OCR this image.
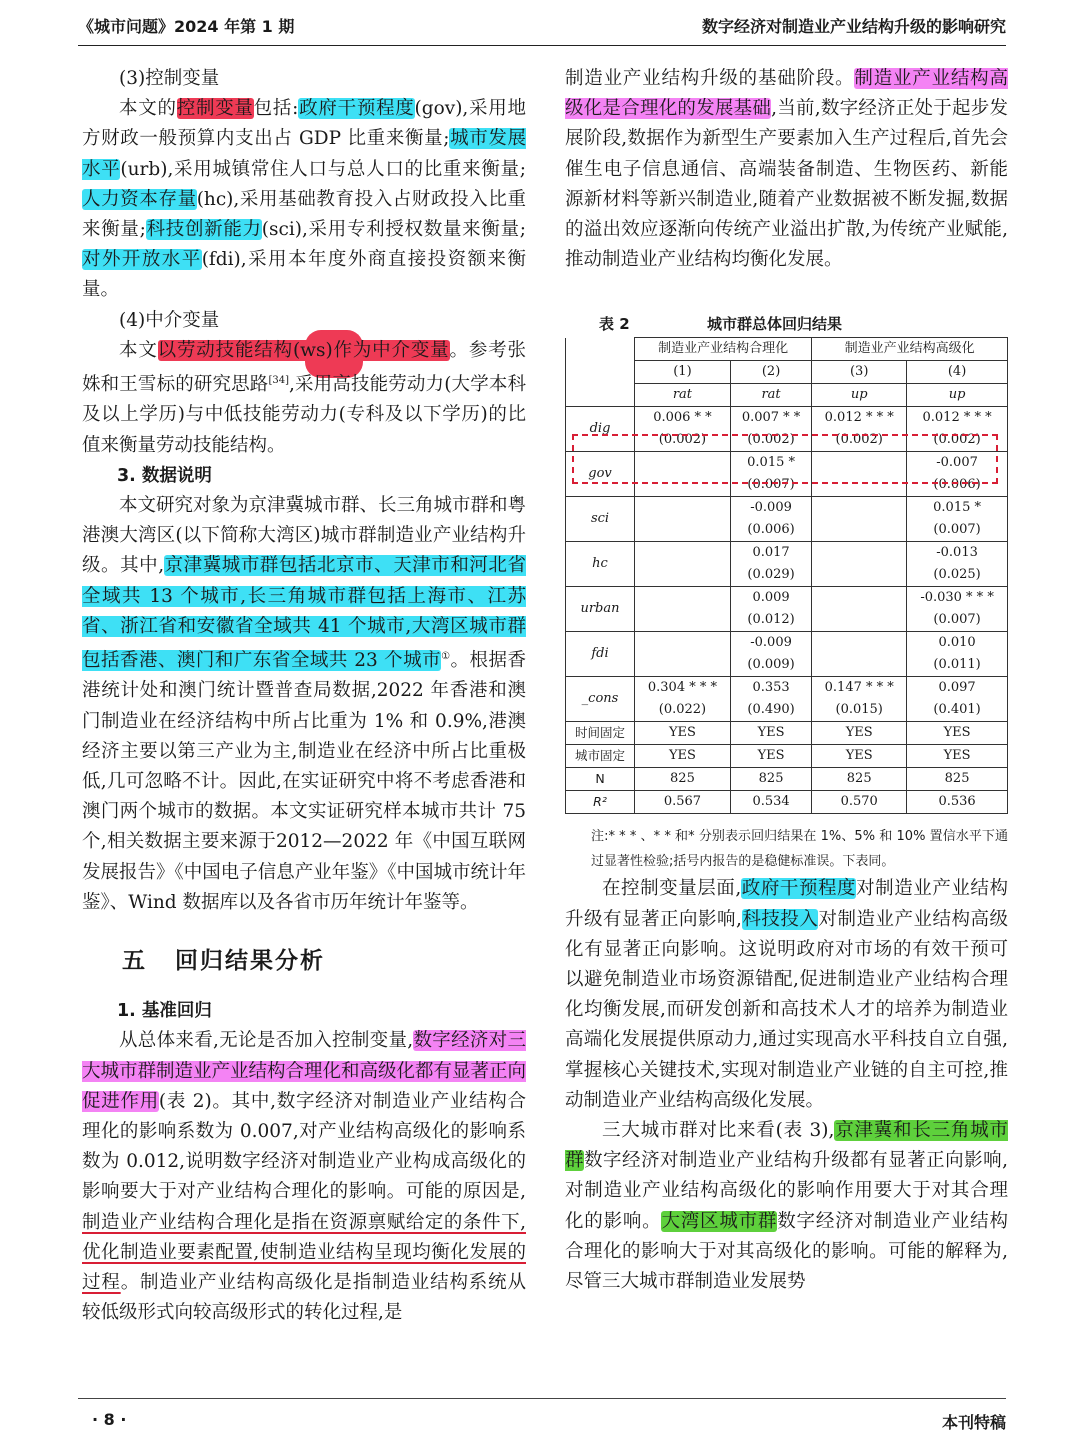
《城市问题》2024 年第 1 期	数字经济对制造业产业结构升级的影响研究

(3)控制变量

本文的控制变量包括:政府干预程度(gov),采用地方财政一般预算内支出占 GDP 比重来衡量;城市发展水平(urb),采用城镇常住人口与总人口的比重来衡量;人力资本存量(hc),采用基础教育投入占财政投入比重来衡量;科技创新能力(sci),采用专利授权数量来衡量;对外开放水平(fdi),采用本年度外商直接投资额来衡量。

(4)中介变量

本文以劳动技能结构(ws)作为中介变量。参考张姝和王雪标的研究思路[34],采用高技能劳动力(大学本科及以上学历)与中低技能劳动力(专科及以下学历)的比值来衡量劳动技能结构。

3. 数据说明

本文研究对象为京津冀城市群、长三角城市群和粤港澳大湾区(以下简称大湾区)城市群制造业产业结构升级。其中,京津冀城市群包括北京市、天津市和河北省全域共 13 个城市,长三角城市群包括上海市、江苏省、浙江省和安徽省全域共 41 个城市,大湾区城市群包括香港、澳门和广东省全域共 23 个城市①。根据香港统计处和澳门统计暨普查局数据,2022 年香港和澳门制造业在经济结构中所占比重为 1% 和 0.9%,港澳经济主要以第三产业为主,制造业在经济中所占比重极低,几可忽略不计。因此,在实证研究中将不考虑香港和澳门两个城市的数据。本文实证研究样本城市共计 75 个,相关数据主要来源于2012—2022 年《中国互联网发展报告》《中国电子信息产业年鉴》《中国城市统计年鉴》、Wind 数据库以及各省市历年统计年鉴等。

五 回归结果分析

1. 基准回归

从总体来看,无论是否加入控制变量,数字经济对三大城市群制造业产业结构合理化和高级化都有显著正向促进作用(表 2)。其中,数字经济对制造业产业结构合理化的影响系数为 0.007,对产业结构高级化的影响系数为 0.012,说明数字经济对制造业产业构成高级化的影响要大于对产业结构合理化的影响。可能的原因是,制造业产业结构合理化是指在资源禀赋给定的条件下,优化制造业要素配置,使制造业结构呈现均衡化发展的过程。制造业产业结构高级化是指制造业结构系统从较低级形式向较高级形式的转化过程,是

制造业产业结构升级的基础阶段。制造业产业结构高级化是合理化的发展基础,当前,数字经济正处于起步发展阶段,数据作为新型生产要素加入生产过程后,首先会催生电子信息通信、高端装备制造、生物医药、新能源新材料等新兴制造业,随着产业数据被不断发掘,数据的溢出效应逐渐向传统产业溢出扩散,为传统产业赋能,推动制造业产业结构均衡化发展。

表 2	城市群总体回归结果
	制造业产业结构合理化		制造业产业结构高级化	
	(1)	(2)	(3)	(4)
	rat	rat	up	up
dig	0.006 * *	0.007 * *	0.012 * * *	0.012 * * *
	(0.002)	(0.002)	(0.002)	(0.002)
gov		0.015 *		-0.007
		(0.007)		(0.006)
sci		-0.009		0.015 *
		(0.006)		(0.007)
hc		0.017		-0.013
		(0.029)		(0.025)
urban		0.009		-0.030 * * *
		(0.012)		(0.007)
fdi		-0.009		0.010
		(0.009)		(0.011)
_cons	0.304 * * *	0.353	0.147 * * *	0.097
	(0.022)	(0.490)	(0.015)	(0.401)
时间固定	YES	YES	YES	YES
城市固定	YES	YES	YES	YES
N	825	825	825	825
R²	0.567	0.534	0.570	0.536
注:* * * 、* * 和* 分别表示回归结果在 1%、5% 和 10% 置信水平下通过显著性检验;括号内报告的是稳健标准误。下表同。

在控制变量层面,政府干预程度对制造业产业结构升级有显著正向影响,科技投入对制造业产业结构高级化有显著正向影响。这说明政府对市场的有效干预可以避免制造业市场资源错配,促进制造业产业结构合理化均衡发展,而研发创新和高技术人才的培养为制造业高端化发展提供原动力,通过实现高水平科技自立自强,掌握核心关键技术,实现对制造业产业链的自主可控,推动制造业产业结构高级化发展。

三大城市群对比来看(表 3),京津冀和长三角城市群数字经济对制造业产业结构升级都有显著正向影响,对制造业产业结构高级化的影响作用要大于对其合理化的影响。大湾区城市群数字经济对制造业产业结构合理化的影响大于对其高级化的影响。可能的解释为,尽管三大城市群制造业发展势

· 8 ·	本刊特稿
